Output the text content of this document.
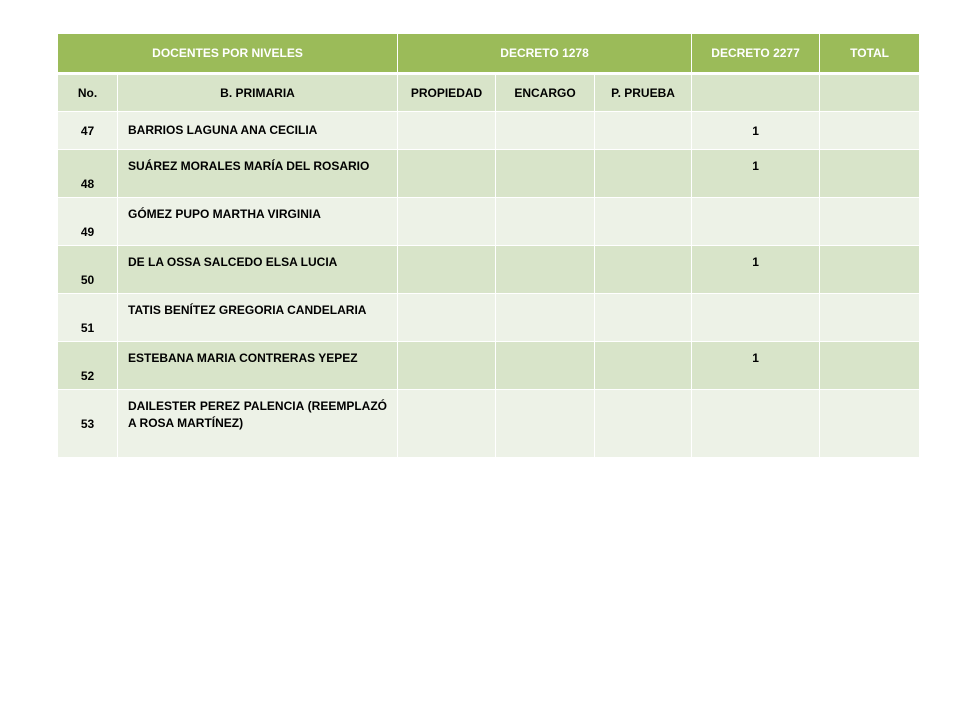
DOCENTES POR NIVELES		DECRETO 1278			DECRETO 2277	TOTAL
No.	B. PRIMARIA	PROPIEDAD	ENCARGO	P. PRUEBA		
47	BARRIOS LAGUNA ANA CECILIA				1	
48	SUÁREZ MORALES MARÍA DEL ROSARIO				1	
49	GÓMEZ PUPO MARTHA VIRGINIA					
50	DE LA OSSA SALCEDO ELSA LUCIA				1	
51	TATIS BENÍTEZ GREGORIA CANDELARIA					
52	ESTEBANA MARIA CONTRERAS YEPEZ				1	
53	DAILESTER PEREZ PALENCIA (REEMPLAZÓ A ROSA MARTÍNEZ)					
